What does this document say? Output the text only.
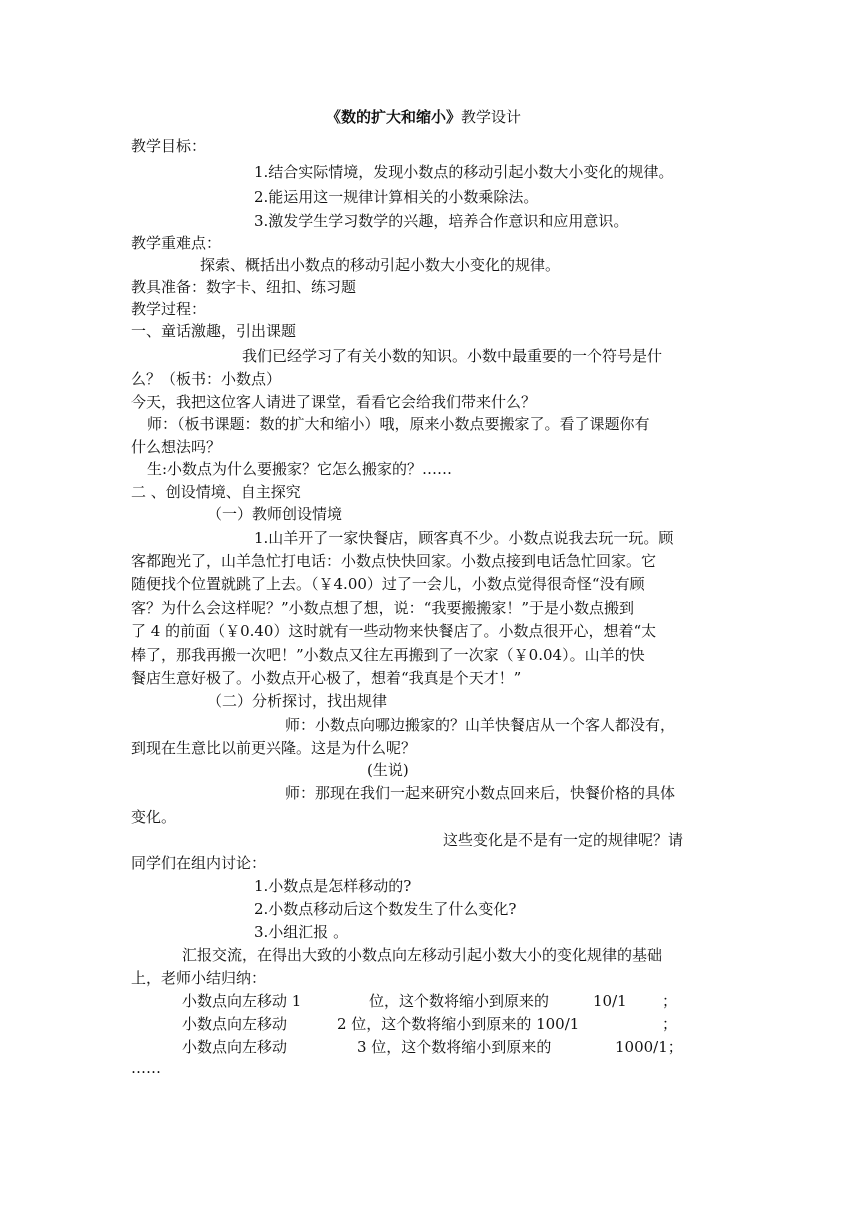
《数的扩大和缩小》教学设计
教学目标：
1.结合实际情境，发现小数点的移动引起小数大小变化的规律。
2.能运用这一规律计算相关的小数乘除法。
3.激发学生学习数学的兴趣，培养合作意识和应用意识。
教学重难点：
探索、概括出小数点的移动引起小数大小变化的规律。
教具准备：数字卡、纽扣、练习题
教学过程：
一、童话激趣，引出课题
我们已经学习了有关小数的知识。小数中最重要的一个符号是什
么？（板书：小数点）
今天，我把这位客人请进了课堂，看看它会给我们带来什么？
师：（板书课题：数的扩大和缩小）哦，原来小数点要搬家了。看了课题你有
什么想法吗？
生:小数点为什么要搬家？它怎么搬家的？……
二 、创设情境、自主探究
（一）教师创设情境
1.山羊开了一家快餐店，顾客真不少。小数点说我去玩一玩。顾
客都跑光了，山羊急忙打电话：小数点快快回家。小数点接到电话急忙回家。它
随便找个位置就跳了上去。（￥4.00）过了一会儿，小数点觉得很奇怪“没有顾
客？为什么会这样呢？”小数点想了想，说：“我要搬搬家！”于是小数点搬到
了 4 的前面（￥0.40）这时就有一些动物来快餐店了。小数点很开心，想着“太
棒了，那我再搬一次吧！”小数点又往左再搬到了一次家（￥0.04）。山羊的快
餐店生意好极了。小数点开心极了，想着“我真是个天才！”
（二）分析探讨，找出规律
师：小数点向哪边搬家的？山羊快餐店从一个客人都没有，
到现在生意比以前更兴隆。这是为什么呢？
(生说)
师：那现在我们一起来研究小数点回来后，快餐价格的具体
变化。
这些变化是不是有一定的规律呢？请
同学们在组内讨论：
1.小数点是怎样移动的?
2.小数点移动后这个数发生了什么变化?
3.小组汇报 。
汇报交流，在得出大致的小数点向左移动引起小数大小的变化规律的基础
上，老师小结归纳：
小数点向左移动 1	位，这个数将缩小到原来的	10/1 ；
小数点向左移动	2 位，这个数将缩小到原来的 100/1	；
小数点向左移动	3 位，这个数将缩小到原来的	1000/1；
……
